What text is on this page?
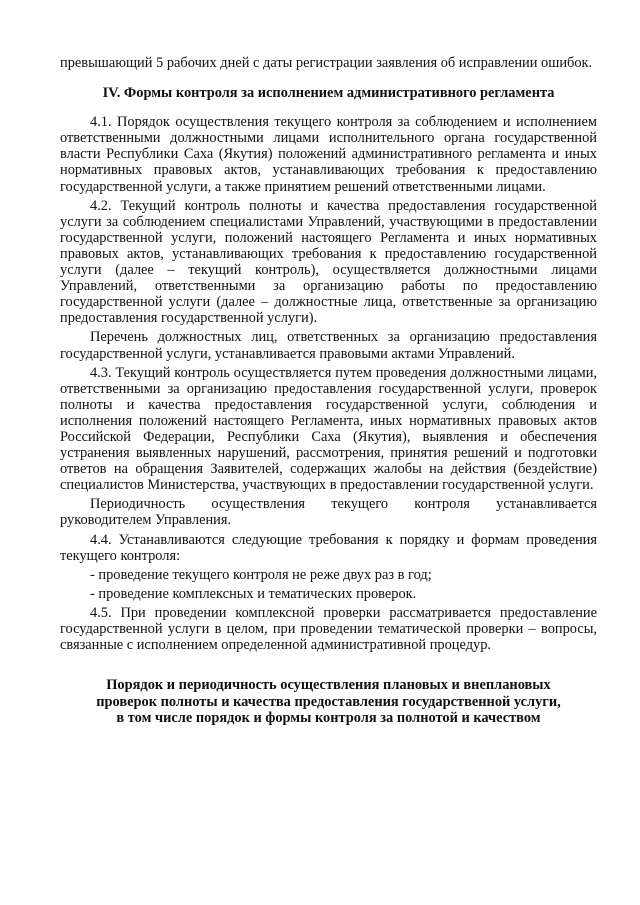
превышающий 5 рабочих дней с даты регистрации заявления об исправлении ошибок.

IV. Формы контроля за исполнением административного регламента

4.1. Порядок осуществления текущего контроля за соблюдением и исполнением ответственными должностными лицами исполнительного органа государственной власти Республики Саха (Якутия) положений административного регламента и иных нормативных правовых актов, устанавливающих требования к предоставлению государственной услуги, а также принятием решений ответственными лицами.

4.2. Текущий контроль полноты и качества предоставления государственной услуги за соблюдением специалистами Управлений, участвующими в предоставлении государственной услуги, положений настоящего Регламента и иных нормативных правовых актов, устанавливающих требования к предоставлению государственной услуги (далее – текущий контроль), осуществляется должностными лицами Управлений, ответственными за организацию работы по предоставлению государственной услуги (далее – должностные лица, ответственные за организацию предоставления государственной услуги).

Перечень должностных лиц, ответственных за организацию предоставления государственной услуги, устанавливается правовыми актами Управлений.

4.3. Текущий контроль осуществляется путем проведения должностными лицами, ответственными за организацию предоставления государственной услуги, проверок полноты и качества предоставления государственной услуги, соблюдения и исполнения положений настоящего Регламента, иных нормативных правовых актов Российской Федерации, Республики Саха (Якутия), выявления и обеспечения устранения выявленных нарушений, рассмотрения, принятия решений и подготовки ответов на обращения Заявителей, содержащих жалобы на действия (бездействие) специалистов Министерства, участвующих в предоставлении государственной услуги.

Периодичность осуществления текущего контроля устанавливается руководителем Управления.

4.4. Устанавливаются следующие требования к порядку и формам проведения текущего контроля:

- проведение текущего контроля не реже двух раз в год;

- проведение комплексных и тематических проверок.

4.5. При проведении комплексной проверки рассматривается предоставление государственной услуги в целом, при проведении тематической проверки – вопросы, связанные с исполнением определенной административной процедур.

Порядок и периодичность осуществления плановых и внеплановых
проверок полноты и качества предоставления государственной услуги,
в том числе порядок и формы контроля за полнотой и качеством
